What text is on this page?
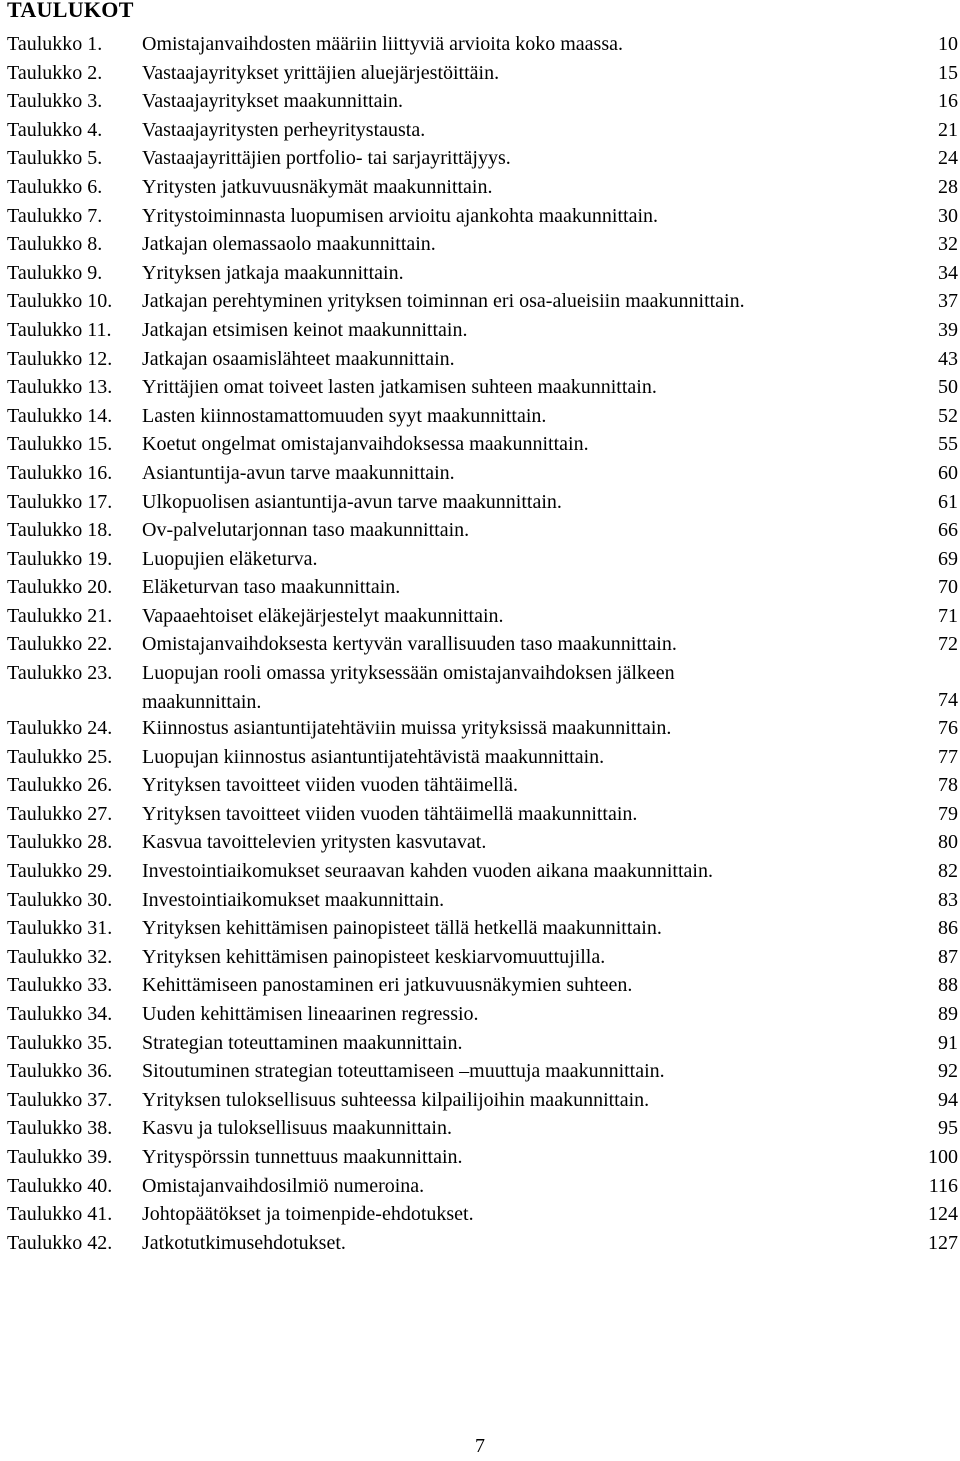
TAULUKOT
Taulukko 1. Omistajanvaihdosten määriin liittyviä arvioita koko maassa.	10
Taulukko 2. Vastaajayritykset yrittäjien aluejärjestöittäin.	15
Taulukko 3. Vastaajayritykset maakunnittain.	16
Taulukko 4. Vastaajayritysten perheyritystausta.	21
Taulukko 5. Vastaajayrittäjien portfolio- tai sarjayrittäjyys.	24
Taulukko 6. Yritysten jatkuvuusnäkymät maakunnittain.	28
Taulukko 7. Yritystoiminnasta luopumisen arvioitu ajankohta maakunnittain.	30
Taulukko 8. Jatkajan olemassaolo maakunnittain.	32
Taulukko 9. Yrityksen jatkaja maakunnittain.	34
Taulukko 10. Jatkajan perehtyminen yrityksen toiminnan eri osa-alueisiin maakunnittain.	37
Taulukko 11. Jatkajan etsimisen keinot maakunnittain.	39
Taulukko 12. Jatkajan osaamislähteet maakunnittain.	43
Taulukko 13. Yrittäjien omat toiveet lasten jatkamisen suhteen maakunnittain.	50
Taulukko 14. Lasten kiinnostamattomuuden syyt maakunnittain.	52
Taulukko 15. Koetut ongelmat omistajanvaihdoksessa maakunnittain.	55
Taulukko 16. Asiantuntija-avun tarve maakunnittain.	60
Taulukko 17. Ulkopuolisen asiantuntija-avun tarve maakunnittain.	61
Taulukko 18. Ov-palvelutarjonnan taso maakunnittain.	66
Taulukko 19. Luopujien eläketurva.	69
Taulukko 20. Eläketurvan taso maakunnittain.	70
Taulukko 21. Vapaaehtoiset eläkejärjestelyt maakunnittain.	71
Taulukko 22. Omistajanvaihdoksesta kertyvän varallisuuden taso maakunnittain.	72
Taulukko 23. Luopujan rooli omassa yrityksessään omistajanvaihdoksen jälkeen
maakunnittain.	74
Taulukko 24. Kiinnostus asiantuntijatehtäviin muissa yrityksissä maakunnittain.	76
Taulukko 25. Luopujan kiinnostus asiantuntijatehtävistä maakunnittain.	77
Taulukko 26. Yrityksen tavoitteet viiden vuoden tähtäimellä.	78
Taulukko 27. Yrityksen tavoitteet viiden vuoden tähtäimellä maakunnittain.	79
Taulukko 28. Kasvua tavoittelevien yritysten kasvutavat.	80
Taulukko 29. Investointiaikomukset seuraavan kahden vuoden aikana maakunnittain.	82
Taulukko 30. Investointiaikomukset maakunnittain.	83
Taulukko 31. Yrityksen kehittämisen painopisteet tällä hetkellä maakunnittain.	86
Taulukko 32. Yrityksen kehittämisen painopisteet keskiarvomuuttujilla.	87
Taulukko 33. Kehittämiseen panostaminen eri jatkuvuusnäkymien suhteen.	88
Taulukko 34. Uuden kehittämisen lineaarinen regressio.	89
Taulukko 35. Strategian toteuttaminen maakunnittain.	91
Taulukko 36. Sitoutuminen strategian toteuttamiseen –muuttuja maakunnittain.	92
Taulukko 37. Yrityksen tuloksellisuus suhteessa kilpailijoihin maakunnittain.	94
Taulukko 38. Kasvu ja tuloksellisuus maakunnittain.	95
Taulukko 39. Yrityspörssin tunnettuus maakunnittain.	100
Taulukko 40. Omistajanvaihdosilmiö numeroina.	116
Taulukko 41. Johtopäätökset ja toimenpide-ehdotukset.	124
Taulukko 42. Jatkotutkimusehdotukset.	127
7
